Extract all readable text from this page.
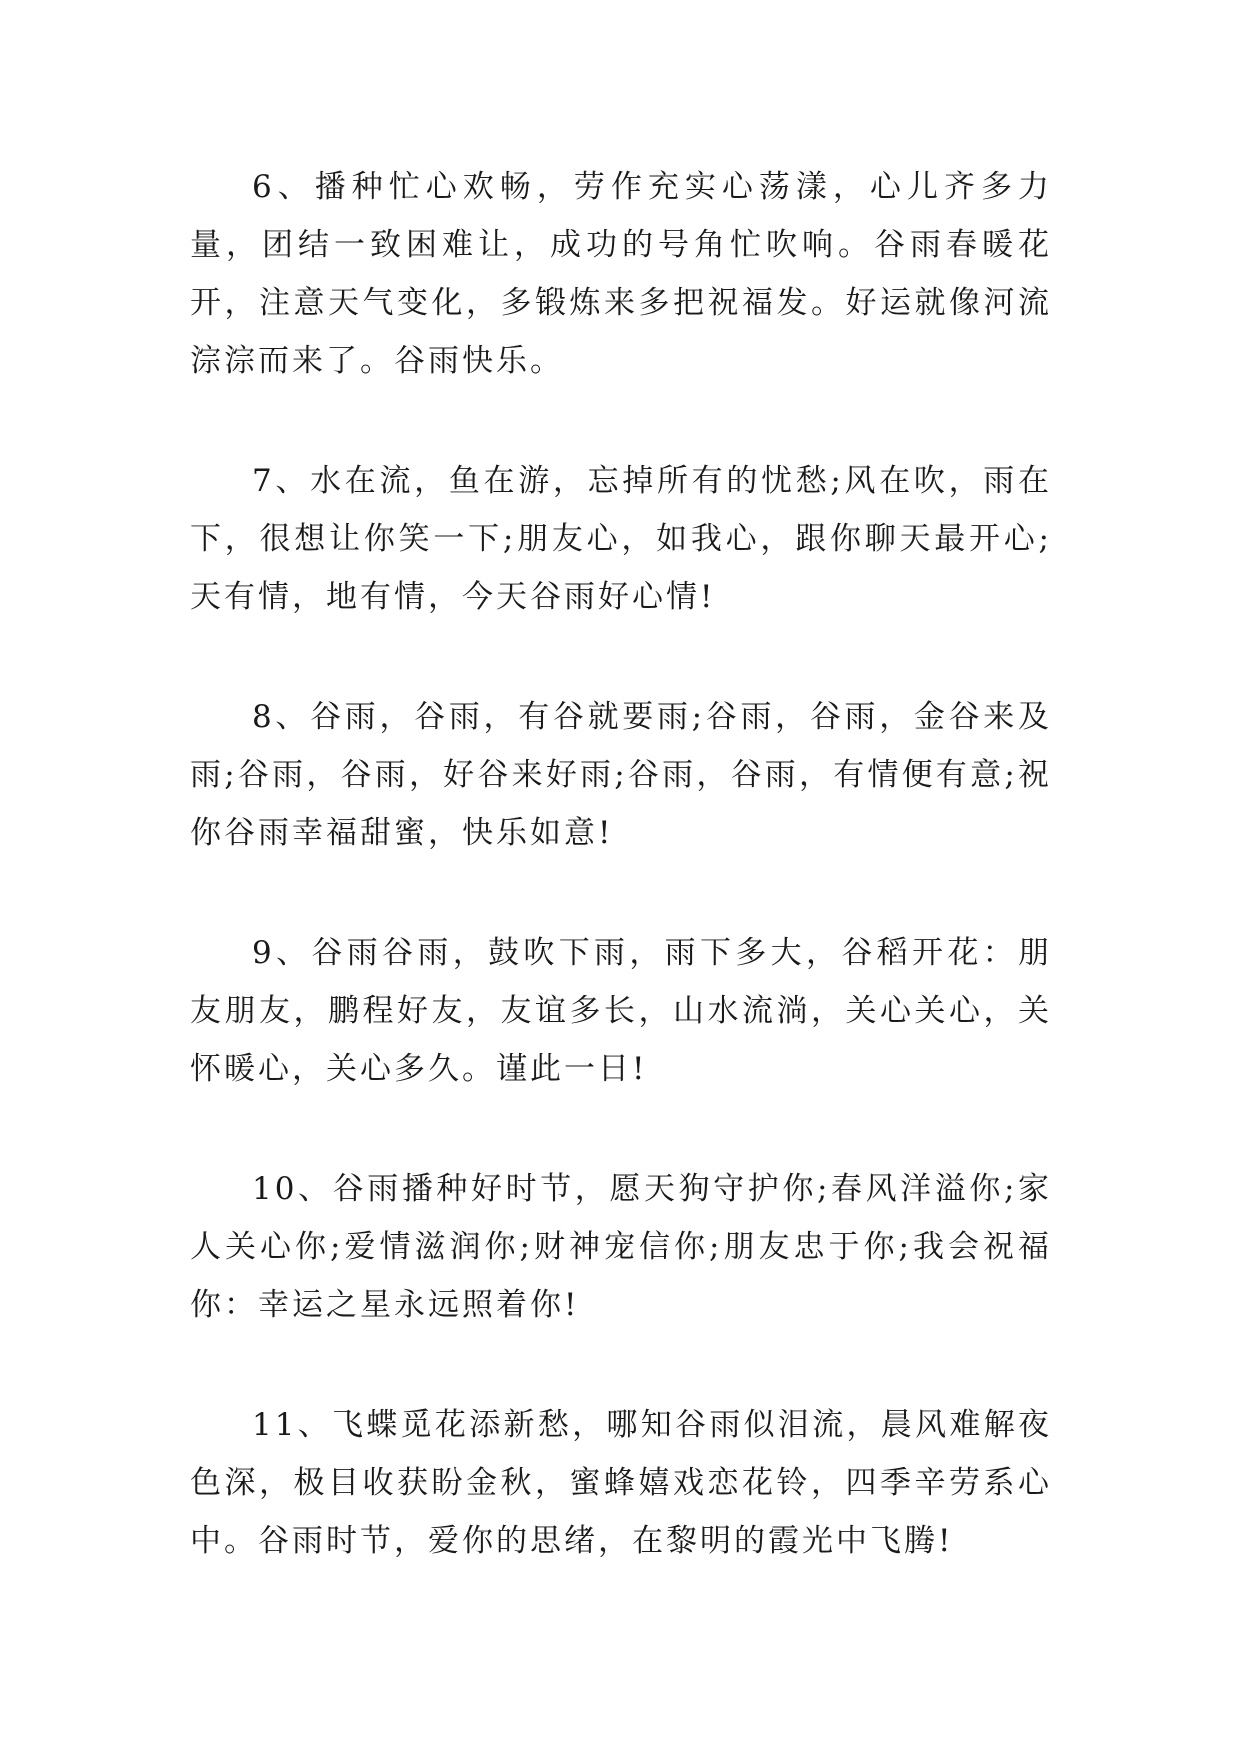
6、播种忙心欢畅，劳作充实心荡漾，心儿齐多力量，团结一致困难让，成功的号角忙吹响。谷雨春暖花开，注意天气变化，多锻炼来多把祝福发。好运就像河流淙淙而来了。谷雨快乐。

7、水在流，鱼在游，忘掉所有的忧愁;风在吹，雨在下，很想让你笑一下;朋友心，如我心，跟你聊天最开心;天有情，地有情，今天谷雨好心情!

8、谷雨，谷雨，有谷就要雨;谷雨，谷雨，金谷来及雨;谷雨，谷雨，好谷来好雨;谷雨，谷雨，有情便有意;祝你谷雨幸福甜蜜，快乐如意!

9、谷雨谷雨，鼓吹下雨，雨下多大，谷稻开花：朋友朋友，鹏程好友，友谊多长，山水流淌，关心关心，关怀暖心，关心多久。谨此一日!

10、谷雨播种好时节，愿天狗守护你;春风洋溢你;家人关心你;爱情滋润你;财神宠信你;朋友忠于你;我会祝福你：幸运之星永远照着你!

11、飞蝶觅花添新愁，哪知谷雨似泪流，晨风难解夜色深，极目收获盼金秋，蜜蜂嬉戏恋花铃，四季辛劳系心中。谷雨时节，爱你的思绪，在黎明的霞光中飞腾!
